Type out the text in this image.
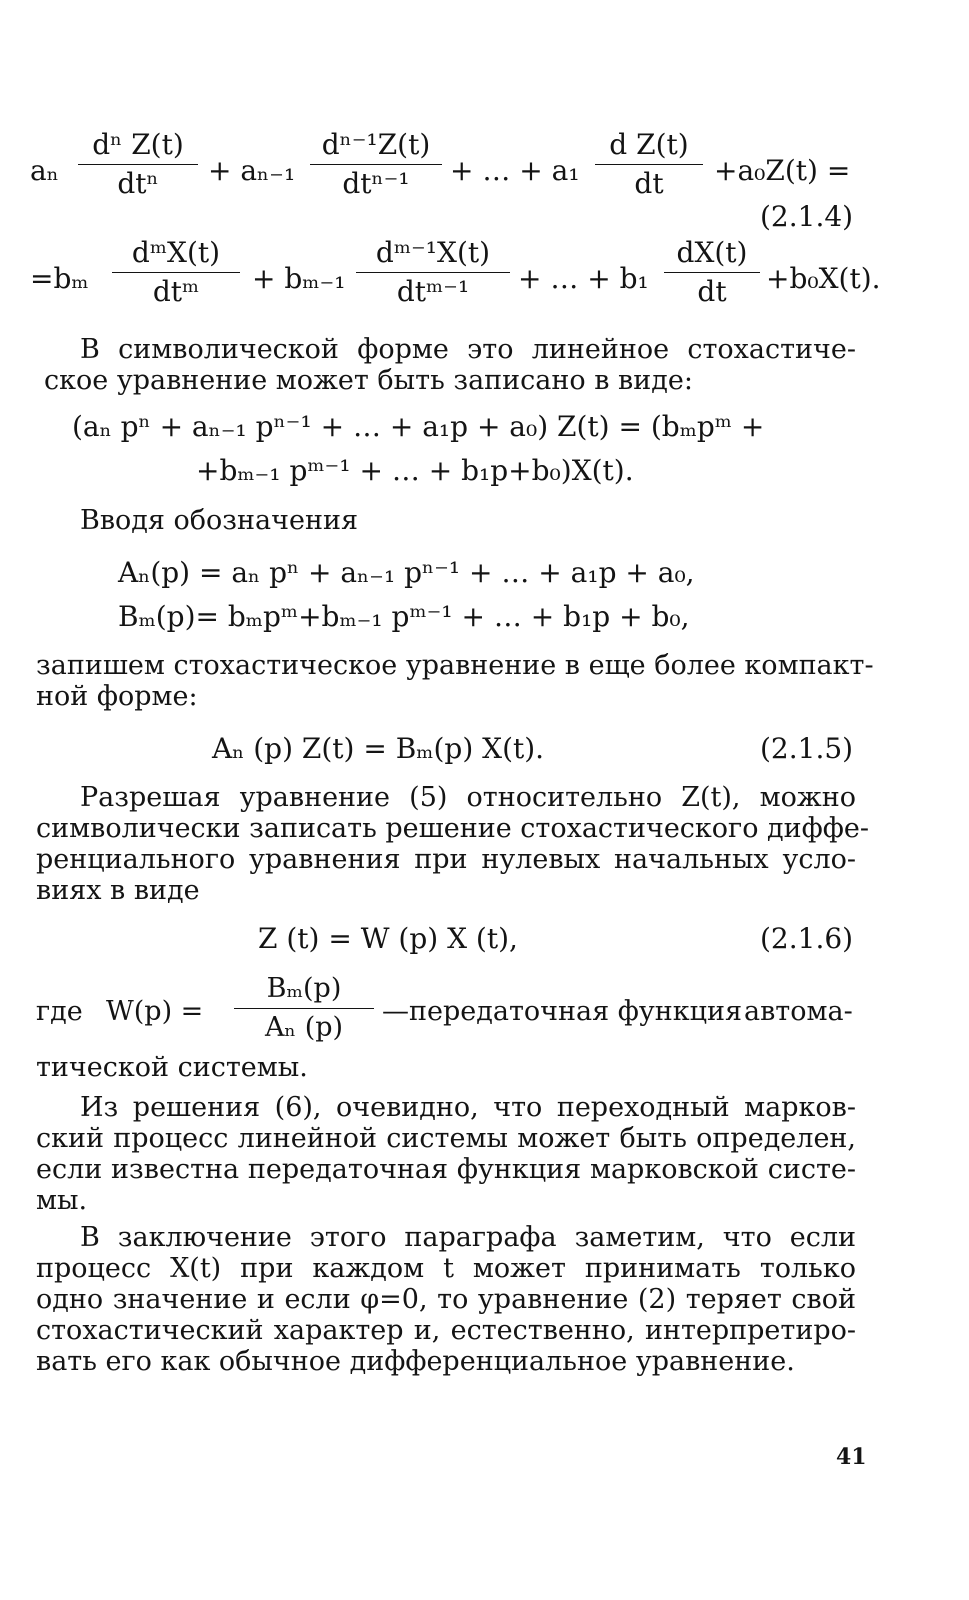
aₙ
dⁿ Z(t)
dtⁿ + aₙ₋₁
dⁿ⁻¹Z(t)
dtⁿ⁻¹ + … + a₁
d Z(t)
dt +a₀Z(t) =
(2.1.4)
=bₘ
dᵐX(t)
dtᵐ + bₘ₋₁
dᵐ⁻¹X(t)
dtᵐ⁻¹ + … + b₁
dX(t)
dt +b₀X(t).
В символической форме это линейное стохастиче-
ское уравнение может быть записано в виде:
(aₙ pⁿ + aₙ₋₁ pⁿ⁻¹ + … + a₁p + a₀) Z(t) = (bₘpᵐ +
+bₘ₋₁ pᵐ⁻¹ + … + b₁p+b₀)X(t).
Вводя обозначения
Aₙ(p) = aₙ pⁿ + aₙ₋₁ pⁿ⁻¹ + … + a₁p + a₀,
Bₘ(p)= bₘpᵐ+bₘ₋₁ pᵐ⁻¹ + … + b₁p + b₀,
запишем стохастическое уравнение в еще более компакт-
ной форме:
Aₙ (p) Z(t) = Bₘ(p) X(t).	(2.1.5)
Разрешая уравнение (5) относительно Z(t), можно
символически записать решение стохастического диффе-
ренциального уравнения при нулевых начальных усло-
виях в виде
Z (t) = W (p) X (t),	(2.1.6)
где W(p) =
Bₘ(p)
Aₙ (p)
—передаточная функция автома-
тической системы.
Из решения (6), очевидно, что переходный марков-
ский процесс линейной системы может быть определен,
если известна передаточная функция марковской систе-
мы.
В заключение этого параграфа заметим, что если
процесс X(t) при каждом t может принимать только
одно значение и если φ=0, то уравнение (2) теряет свой
стохастический характер и, естественно, интерпретиро-
вать его как обычное дифференциальное уравнение.
41
